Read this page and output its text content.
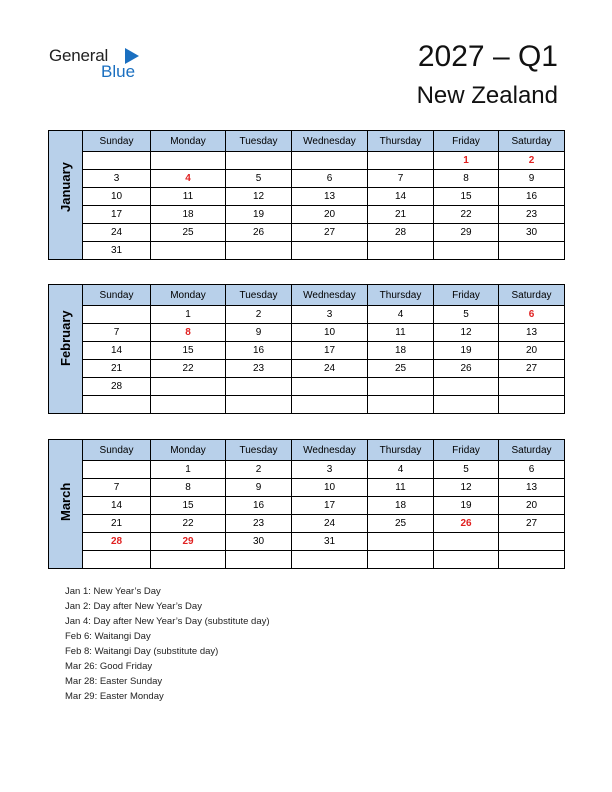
General
Blue	2027 – Q1
New Zealand
January	Sunday	Monday	Tuesday	Wednesday	Thursday	Friday	Saturday
						1	2
	3	4	5	6	7	8	9
	10	11	12	13	14	15	16
	17	18	19	20	21	22	23
	24	25	26	27	28	29	30
	31						
February	Sunday	Monday	Tuesday	Wednesday	Thursday	Friday	Saturday
		1	2	3	4	5	6
	7	8	9	10	11	12	13
	14	15	16	17	18	19	20
	21	22	23	24	25	26	27
	28						

March	Sunday	Monday	Tuesday	Wednesday	Thursday	Friday	Saturday
		1	2	3	4	5	6
	7	8	9	10	11	12	13
	14	15	16	17	18	19	20
	21	22	23	24	25	26	27
	28	29	30	31			

Jan 1: New Year’s Day
Jan 2: Day after New Year’s Day
Jan 4: Day after New Year’s Day (substitute day)
Feb 6: Waitangi Day
Feb 8: Waitangi Day (substitute day)
Mar 26: Good Friday
Mar 28: Easter Sunday
Mar 29: Easter Monday
